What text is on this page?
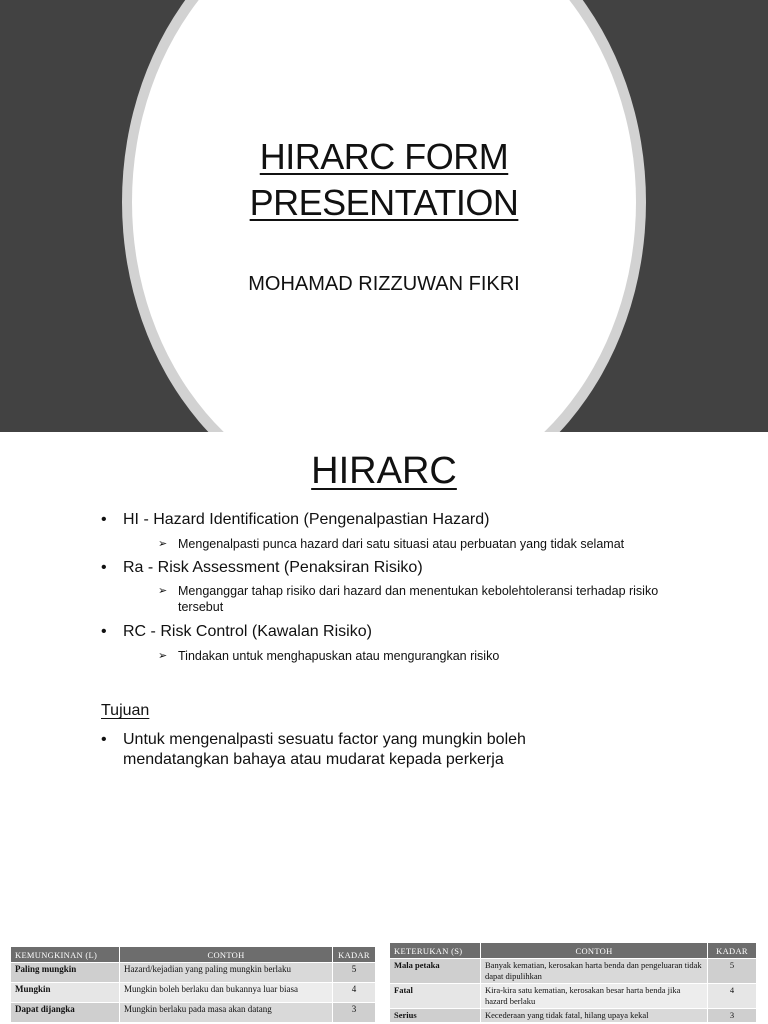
HIRARC FORM
PRESENTATION
MOHAMAD RIZZUWAN FIKRI
HIRARC
• HI - Hazard Identification (Pengenalpastian Hazard)
➢ Mengenalpasti punca hazard dari satu situasi atau perbuatan yang tidak selamat
• Ra - Risk Assessment (Penaksiran Risiko)
➢ Menganggar tahap risiko dari hazard dan menentukan kebolehtoleransi terhadap risiko tersebut
• RC - Risk Control (Kawalan Risiko)
➢ Tindakan untuk menghapuskan atau mengurangkan risiko
Tujuan
•	Untuk mengenalpasti sesuatu factor yang mungkin boleh mendatangkan bahaya atau mudarat kepada perkerja
KEMUNGKINAN (L)	CONTOH	KADAR
Paling mungkin	Hazard/kejadian yang paling mungkin berlaku	5
Mungkin	Mungkin boleh berlaku dan bukannya luar biasa	4
Dapat dijangka	Mungkin berlaku pada masa akan datang	3
KETERUKAN (S)	CONTOH	KADAR
Mala petaka	Banyak kematian, kerosakan harta benda dan pengeluaran tidak dapat dipulihkan	5
Fatal	Kira-kira satu kematian, kerosakan besar harta benda jika hazard berlaku	4
Serius	Kecederaan yang tidak fatal, hilang upaya kekal	3
